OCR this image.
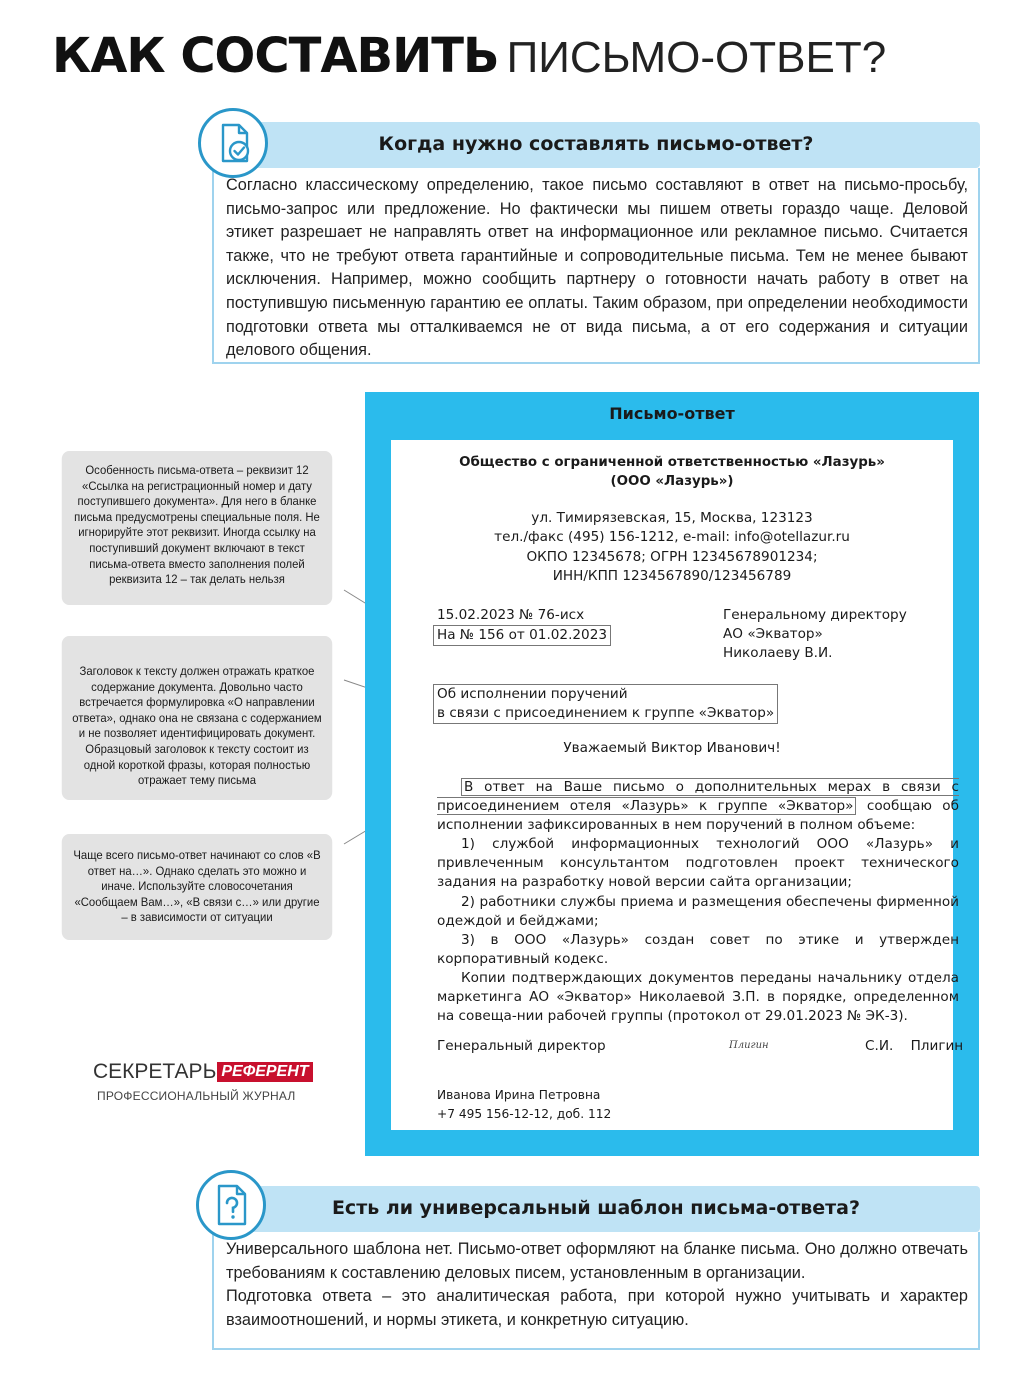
КАК СОСТАВИТЬ ПИСЬМО-ОТВЕТ?
Когда нужно составлять письмо-ответ?
Согласно классическому определению, такое письмо составляют в ответ на письмо-просьбу, письмо-запрос или предложение. Но фактически мы пишем ответы гораздо чаще. Деловой этикет разрешает не направлять ответ на информационное или рекламное письмо. Считается также, что не требуют ответа гарантийные и сопроводительные письма. Тем не менее бывают исключения. Например, можно сообщить партнеру о готовности начать работу в ответ на поступившую письменную гарантию ее оплаты. Таким образом, при определении необходимости подготовки ответа мы отталкиваемся не от вида письма, а от его содержания и ситуации делового общения.
Особенность письма-ответа – реквизит 12 «Ссылка на регистрационный номер и дату поступившего документа». Для него в бланке письма предусмотрены специальные поля. Не игнорируйте этот реквизит. Иногда ссылку на поступивший документ включают в текст письма-ответа вместо заполнения полей реквизита 12 – так делать нельзя
Заголовок к тексту должен отражать краткое содержание документа. Довольно часто встречается формулировка «О направлении ответа», однако она не связана с содержанием и не позволяет идентифицировать документ. Образцовый заголовок к тексту состоит из одной короткой фразы, которая полностью отражает тему письма
Чаще всего письмо-ответ начинают со слов «В ответ на…». Однако сделать это можно и иначе. Используйте словосочетания «Сообщаем Вам…», «В связи с…» или другие – в зависимости от ситуации
Письмо-ответ
Общество с ограниченной ответственностью «Лазурь»
(ООО «Лазурь»)
ул. Тимирязевская, 15, Москва, 123123
тел./факс (495) 156-1212, e-mail: info@otellazur.ru
ОКПО 12345678; ОГРН 12345678901234;
ИНН/КПП 1234567890/123456789
15.02.2023 № 76-исх
На № 156 от 01.02.2023
Генеральному директору
АО «Экватор»
Николаеву В.И.
Об исполнении поручений
в связи с присоединением к группе «Экватор»
Уважаемый Виктор Иванович!

В ответ на Ваше письмо о дополнительных мерах в связи с присоединением отеля «Лазурь» к группе «Экватор» сообщаю об исполнении зафиксированных в нем поручений в полном объеме:

1) службой информационных технологий ООО «Лазурь» и привлеченным консультантом подготовлен проект технического задания на разработку новой версии сайта организации;

2) работники службы приема и размещения обеспечены фирменной одеждой и бейджами;

3) в ООО «Лазурь» создан совет по этике и утвержден корпоративный кодекс.

Копии подтверждающих документов переданы начальнику отдела маркетинга АО «Экватор» Николаевой З.П. в порядке, определенном на совеща-нии рабочей группы (протокол от 29.01.2023 № ЭК-3).

Генеральный директор	Плигин	С.И.    Плигин
Иванова Ирина Петровна
+7 495 156-12-12, доб. 112
СЕКРЕТАРЬ РЕФЕРЕНТ
ПРОФЕССИОНАЛЬНЫЙ ЖУРНАЛ
Есть ли универсальный шаблон письма-ответа?
Универсального шаблона нет. Письмо-ответ оформляют на бланке письма. Оно должно отвечать требованиям к составлению деловых писем, установленным в организации.
Подготовка ответа – это аналитическая работа, при которой нужно учитывать и характер взаимоотношений, и нормы этикета, и конкретную ситуацию.
